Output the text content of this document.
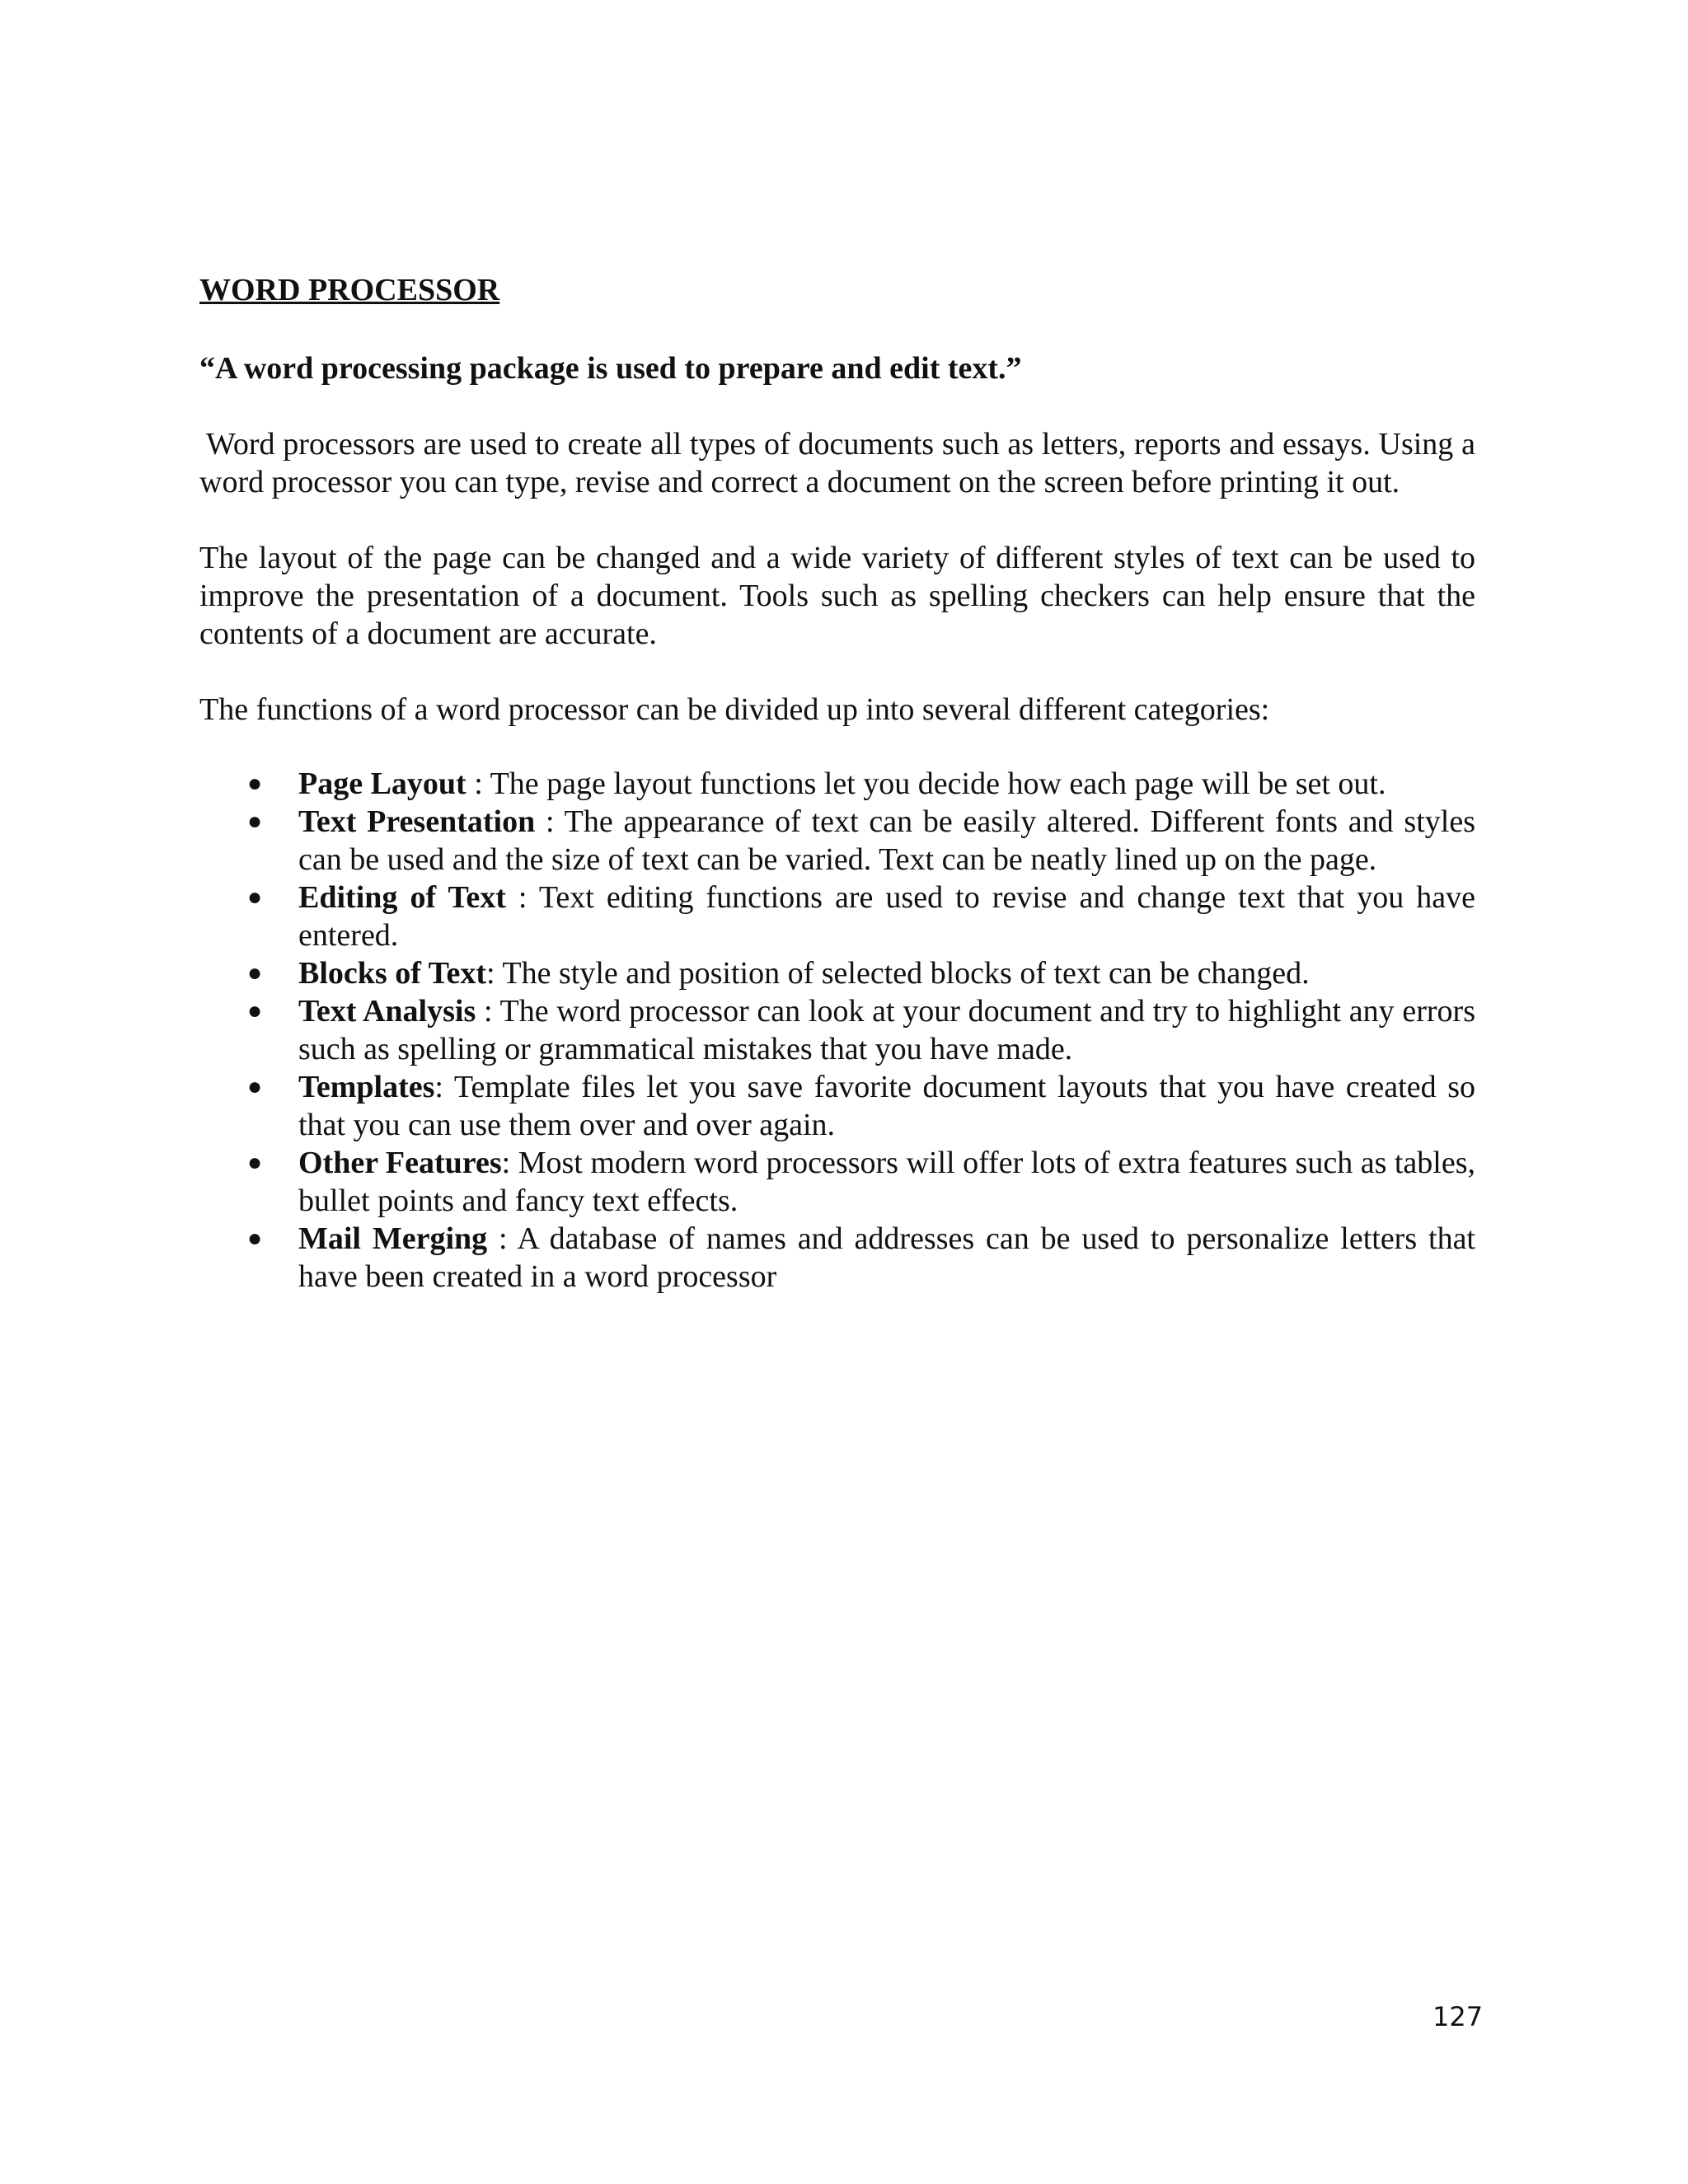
WORD PROCESSOR

“A word processing package is used to prepare and edit text.”

Word processors are used to create all types of documents such as letters, reports and essays. Using a word processor you can type, revise and correct a document on the screen before printing it out.

The layout of the page can be changed and a wide variety of different styles of text can be used to improve the presentation of a document. Tools such as spelling checkers can help ensure that the contents of a document are accurate.

The functions of a word processor can be divided up into several different categories:

● Page Layout : The page layout functions let you decide how each page will be set out.
● Text Presentation : The appearance of text can be easily altered. Different fonts and styles can be used and the size of text can be varied. Text can be neatly lined up on the page.
● Editing of Text : Text editing functions are used to revise and change text that you have entered.
● Blocks of Text: The style and position of selected blocks of text can be changed.
● Text Analysis : The word processor can look at your document and try to highlight any errors such as spelling or grammatical mistakes that you have made.
● Templates: Template files let you save favorite document layouts that you have created so that you can use them over and over again.
● Other Features: Most modern word processors will offer lots of extra features such as tables, bullet points and fancy text effects.
● Mail Merging : A database of names and addresses can be used to personalize letters that have been created in a word processor
127
